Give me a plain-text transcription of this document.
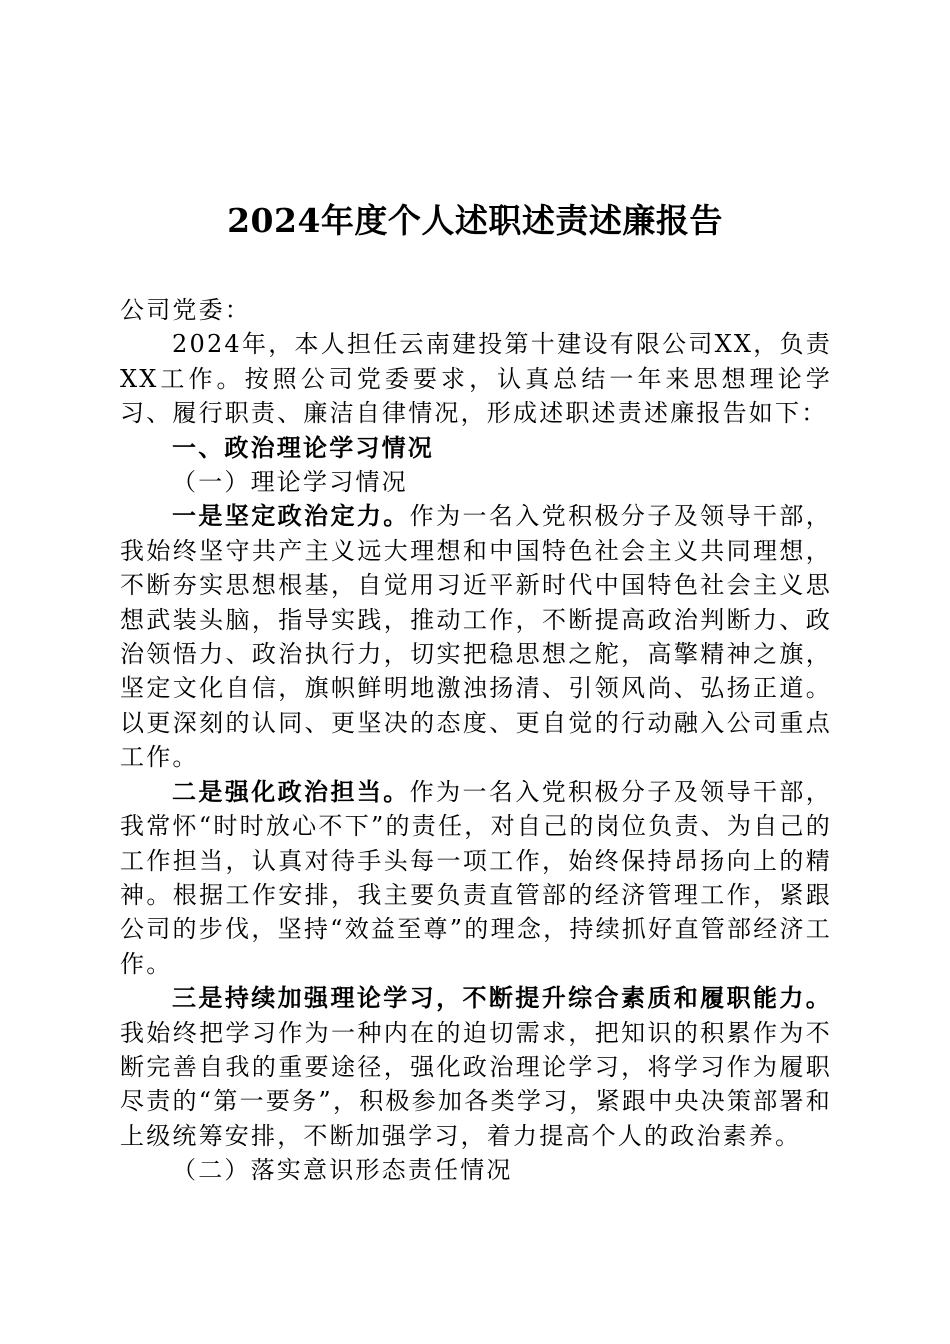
2024年度个人述职述责述廉报告

公司党委：

2024年，本人担任云南建投第十建设有限公司XX，负责XX工作。按照公司党委要求，认真总结一年来思想理论学习、履行职责、廉洁自律情况，形成述职述责述廉报告如下：

一、政治理论学习情况

（一）理论学习情况

一是坚定政治定力。作为一名入党积极分子及领导干部，我始终坚守共产主义远大理想和中国特色社会主义共同理想，不断夯实思想根基，自觉用习近平新时代中国特色社会主义思想武装头脑，指导实践，推动工作，不断提高政治判断力、政治领悟力、政治执行力，切实把稳思想之舵，高擎精神之旗，坚定文化自信，旗帜鲜明地激浊扬清、引领风尚、弘扬正道。以更深刻的认同、更坚决的态度、更自觉的行动融入公司重点工作。

二是强化政治担当。作为一名入党积极分子及领导干部，我常怀“时时放心不下”的责任，对自己的岗位负责、为自己的工作担当，认真对待手头每一项工作，始终保持昂扬向上的精神。根据工作安排，我主要负责直管部的经济管理工作，紧跟公司的步伐，坚持“效益至尊”的理念，持续抓好直管部经济工作。

三是持续加强理论学习，不断提升综合素质和履职能力。我始终把学习作为一种内在的迫切需求，把知识的积累作为不断完善自我的重要途径，强化政治理论学习，将学习作为履职尽责的“第一要务”，积极参加各类学习，紧跟中央决策部署和上级统筹安排，不断加强学习，着力提高个人的政治素养。

（二）落实意识形态责任情况
